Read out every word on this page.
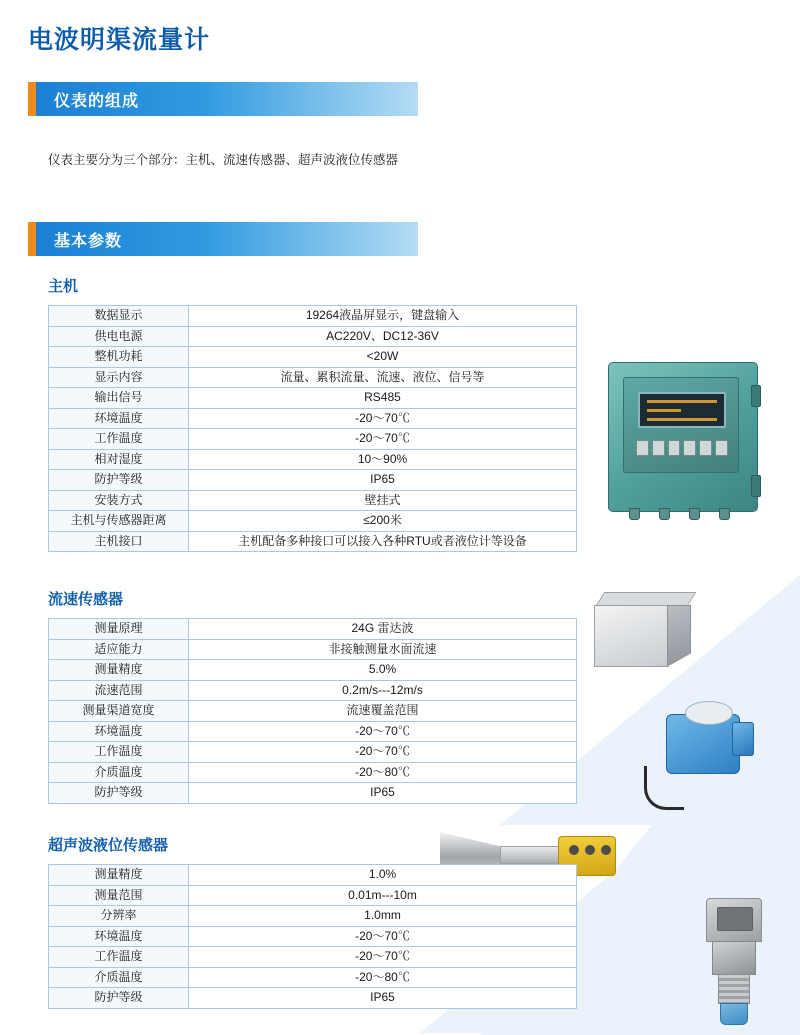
电波明渠流量计
仪表的组成
仪表主要分为三个部分：主机、流速传感器、超声波液位传感器
基本参数
主机
数据显示	19264液晶屏显示，键盘输入
供电电源	AC220V、DC12-36V
整机功耗	<20W
显示内容	流量、累积流量、流速、液位、信号等
输出信号	RS485
环境温度	-20～70℃
工作温度	-20～70℃
相对湿度	10～90%
防护等级	IP65
安装方式	壁挂式
主机与传感器距离	≤200米
主机接口	主机配备多种接口可以接入各种RTU或者液位计等设备
流速传感器
测量原理	24G 雷达波
适应能力	非接触测量水面流速
测量精度	5.0%
流速范围	0.2m/s---12m/s
测量渠道宽度	流速覆盖范围
环境温度	-20～70℃
工作温度	-20～70℃
介质温度	-20～80℃
防护等级	IP65
超声波液位传感器
测量精度	1.0%
测量范围	0.01m---10m
分辨率	1.0mm
环境温度	-20～70℃
工作温度	-20～70℃
介质温度	-20～80℃
防护等级	IP65
